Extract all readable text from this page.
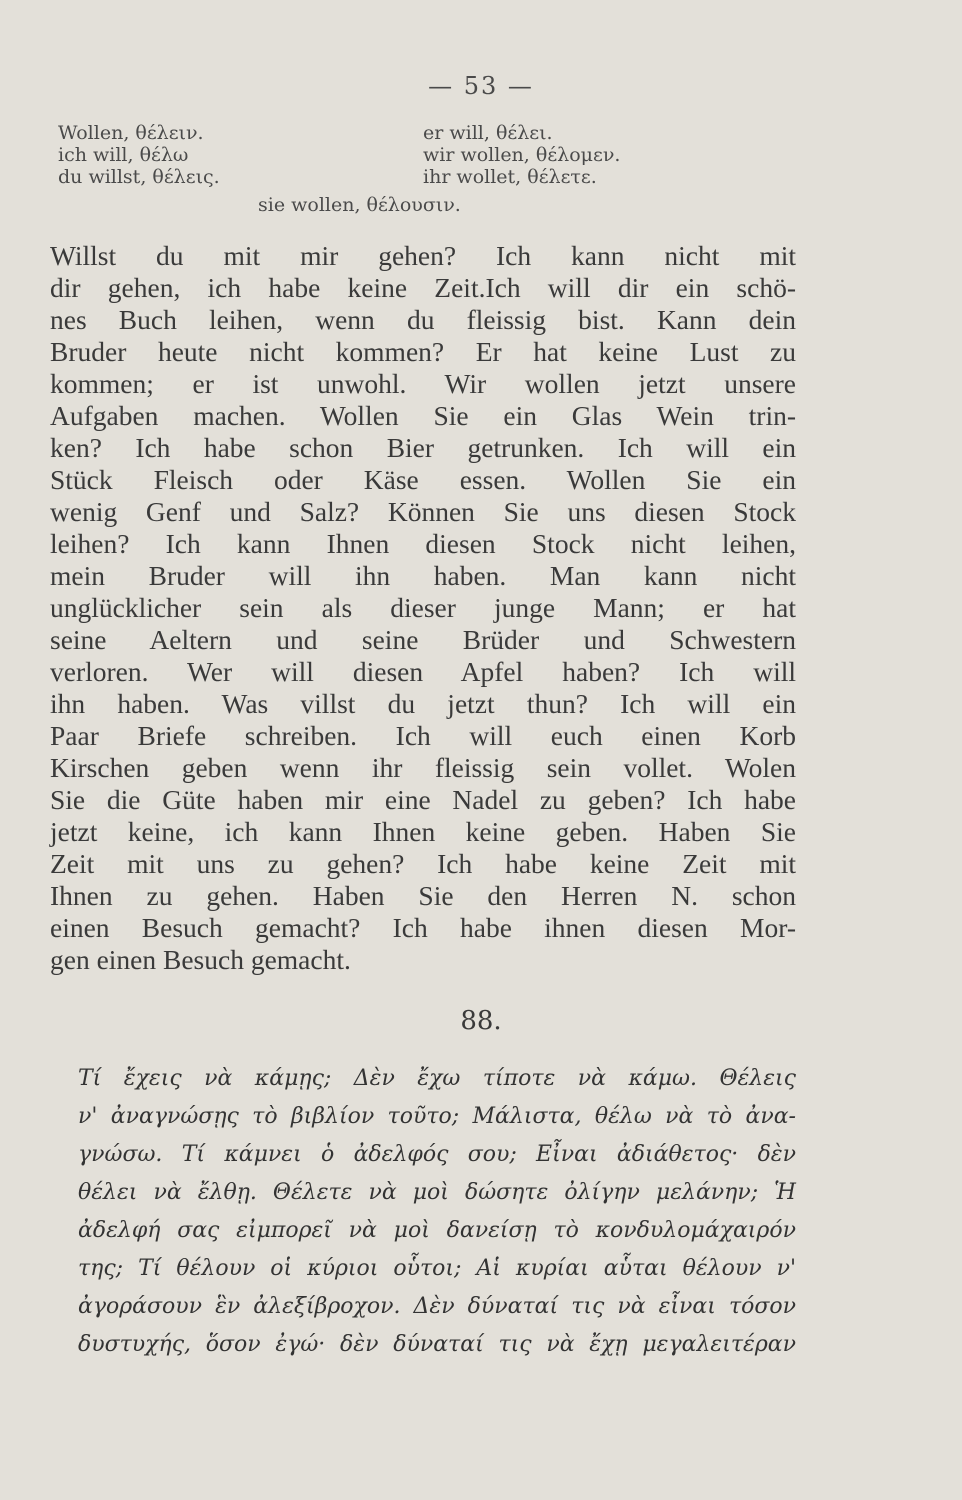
— 53 —
Wollen, θέλειν.
ich will, θέλω
du willst, θέλεις.
er will, θέλει.
wir wollen, θέλομεν.
ihr wollet, θέλετε.
sie wollen, θέλουσιν.
Willst du mit mir gehen? Ich kann nicht mit
dir gehen, ich habe keine Zeit.Ich will dir ein schö-
nes Buch leihen, wenn du fleissig bist. Kann dein
Bruder heute nicht kommen? Er hat keine Lust zu
kommen; er ist unwohl. Wir wollen jetzt unsere
Aufgaben machen. Wollen Sie ein Glas Wein trin-
ken? Ich habe schon Bier getrunken. Ich will ein
Stück Fleisch oder Käse essen. Wollen Sie ein
wenig Genf und Salz? Können Sie uns diesen Stock
leihen? Ich kann Ihnen diesen Stock nicht leihen,
mein Bruder will ihn haben. Man kann nicht
unglücklicher sein als dieser junge Mann; er hat
seine Aeltern und seine Brüder und Schwestern
verloren. Wer will diesen Apfel haben? Ich will
ihn haben. Was villst du jetzt thun? Ich will ein
Paar Briefe schreiben. Ich will euch einen Korb
Kirschen geben wenn ihr fleissig sein vollet. Wolen
Sie die Güte haben mir eine Nadel zu geben? Ich habe
jetzt keine, ich kann Ihnen keine geben. Haben Sie
Zeit mit uns zu gehen? Ich habe keine Zeit mit
Ihnen zu gehen. Haben Sie den Herren N. schon
einen Besuch gemacht? Ich habe ihnen diesen Mor-
gen einen Besuch gemacht.
88.
Τί ἔχεις νὰ κάμῃς; Δὲν ἔχω τίποτε νὰ κάμω. Θέλεις
ν' ἀναγνώσῃς τὸ βιβλίον τοῦτο; Μάλιστα, θέλω νὰ τὸ ἀνα-
γνώσω. Τί κάμνει ὁ ἀδελφός σου; Εἶναι ἀδιάθετος· δὲν
θέλει νὰ ἔλθῃ. Θέλετε νὰ μοὶ δώσητε ὀλίγην μελάνην; Ἡ
ἀδελφή σας εἰμπορεῖ νὰ μοὶ δανείσῃ τὸ κονδυλομάχαιρόν
της; Τί θέλουν οἱ κύριοι οὗτοι; Αἱ κυρίαι αὗται θέλουν ν'
ἀγοράσουν ἓν ἀλεξίβροχον. Δὲν δύναταί τις νὰ εἶναι τόσον
δυστυχής, ὅσον ἐγώ· δὲν δύναταί τις νὰ ἔχῃ μεγαλειτέραν
